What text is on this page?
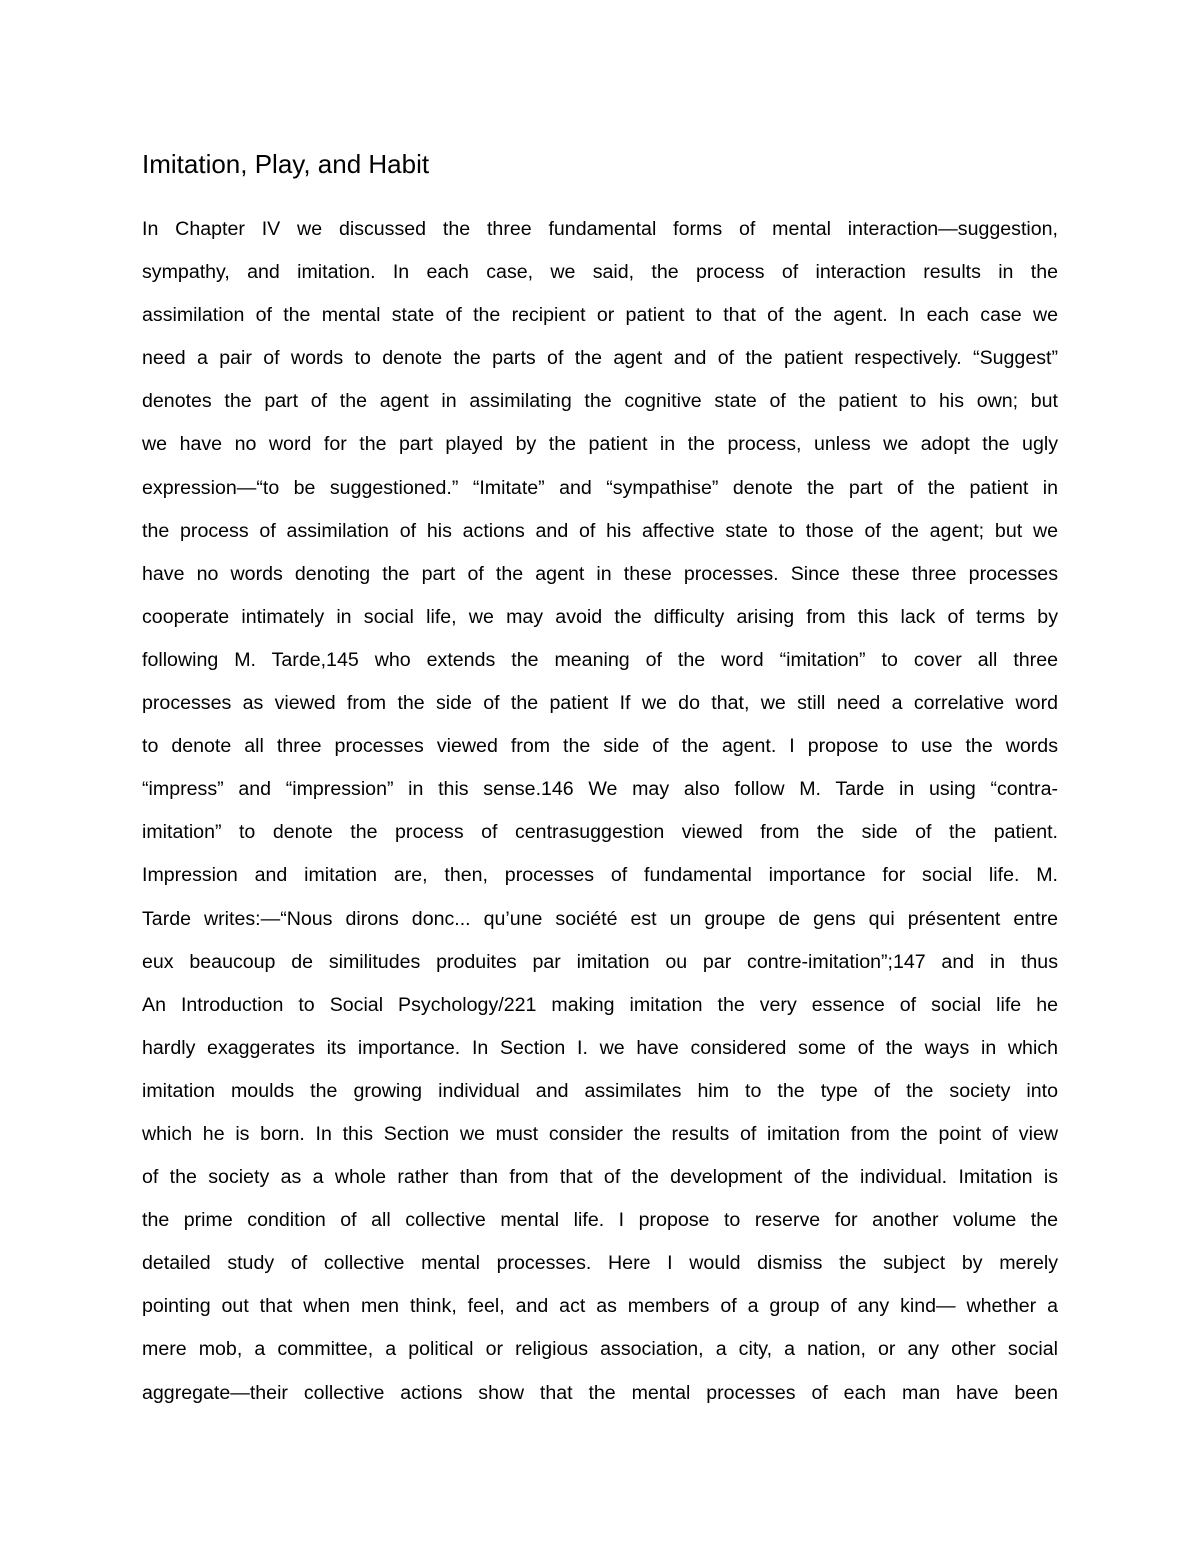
Imitation, Play, and Habit
In Chapter IV we discussed the three fundamental forms of mental interaction—suggestion,
sympathy, and imitation. In each case, we said, the process of interaction results in the
assimilation of the mental state of the recipient or patient to that of the agent. In each case we
need a pair of words to denote the parts of the agent and of the patient respectively. “Suggest”
denotes the part of the agent in assimilating the cognitive state of the patient to his own; but
we have no word for the part played by the patient in the process, unless we adopt the ugly
expression—“to be suggestioned.” “Imitate” and “sympathise” denote the part of the patient in
the process of assimilation of his actions and of his affective state to those of the agent; but we
have no words denoting the part of the agent in these processes. Since these three processes
cooperate intimately in social life, we may avoid the difficulty arising from this lack of terms by
following M. Tarde,145 who extends the meaning of the word “imitation” to cover all three
processes as viewed from the side of the patient If we do that, we still need a correlative word
to denote all three processes viewed from the side of the agent. I propose to use the words
“impress” and “impression” in this sense.146 We may also follow M. Tarde in using “contra-
imitation” to denote the process of centrasuggestion viewed from the side of the patient.
Impression and imitation are, then, processes of fundamental importance for social life. M.
Tarde writes:—“Nous dirons donc... qu’une société est un groupe de gens qui présentent entre
eux beaucoup de similitudes produites par imitation ou par contre-imitation”;147 and in thus
An Introduction to Social Psychology/221 making imitation the very essence of social life he
hardly exaggerates its importance. In Section I. we have considered some of the ways in which
imitation moulds the growing individual and assimilates him to the type of the society into
which he is born. In this Section we must consider the results of imitation from the point of view
of the society as a whole rather than from that of the development of the individual. Imitation is
the prime condition of all collective mental life. I propose to reserve for another volume the
detailed study of collective mental processes. Here I would dismiss the subject by merely
pointing out that when men think, feel, and act as members of a group of any kind— whether a
mere mob, a committee, a political or religious association, a city, a nation, or any other social
aggregate—their collective actions show that the mental processes of each man have been
